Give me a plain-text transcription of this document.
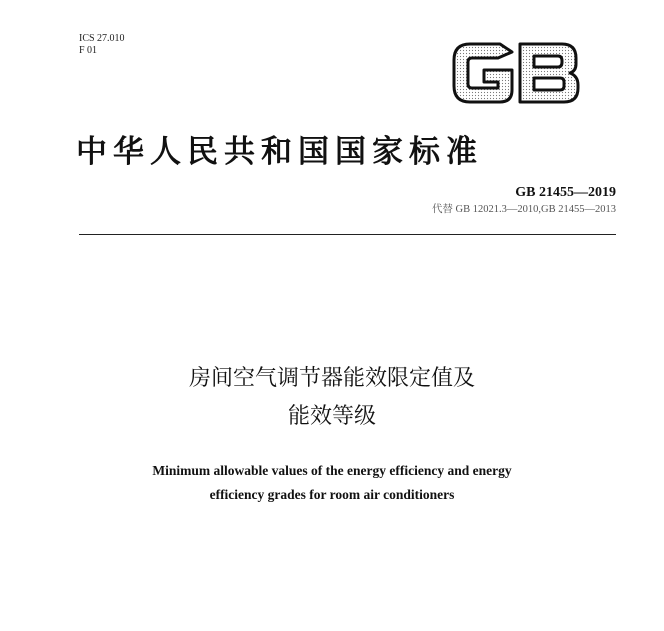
ICS 27.010
F 01
中华人民共和国国家标准
GB 21455—2019
代替 GB 12021.3—2010,GB 21455—2013
房间空气调节器能效限定值及
能效等级
Minimum allowable values of the energy efficiency and energy
efficiency grades for room air conditioners
